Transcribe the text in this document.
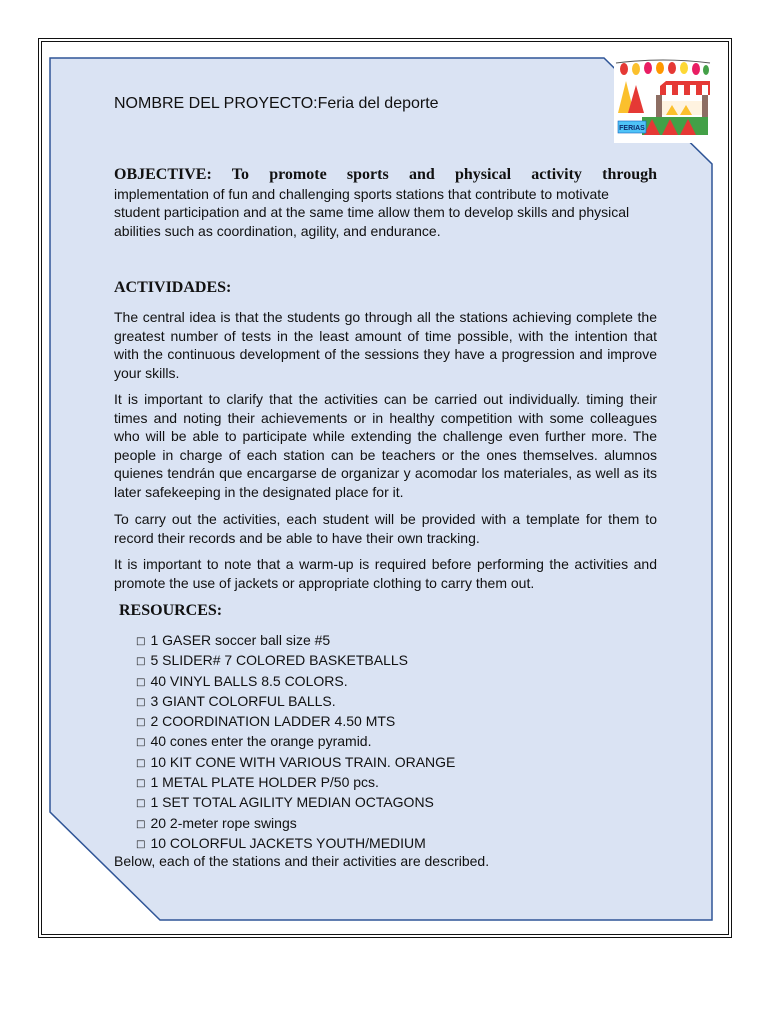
FERIAS
NOMBRE DEL PROYECTO:Feria del deporte
OBJECTIVE: To promote sports and physical activity through
implementation of fun and challenging sports stations that contribute to motivate student participation and at the same time allow them to develop skills and physical abilities such as coordination, agility, and endurance.
ACTIVIDADES:
The central idea is that the students go through all the stations achieving complete the greatest number of tests in the least amount of time possible, with the intention that with the continuous development of the sessions they have a progression and improve your skills.
It is important to clarify that the activities can be carried out individually. timing their times and noting their achievements or in healthy competition with some colleagues who will be able to participate while extending the challenge even further more. The people in charge of each station can be teachers or the ones themselves. alumnos quienes tendrán que encargarse de organizar y acomodar los materiales, as well as its later safekeeping in the designated place for it.
To carry out the activities, each student will be provided with a template for them to record their records and be able to have their own tracking.
It is important to note that a warm-up is required before performing the activities and promote the use of jackets or appropriate clothing to carry them out.
RESOURCES:
□ 1 GASER soccer ball size #5
□ 5 SLIDER# 7 COLORED BASKETBALLS
□ 40 VINYL BALLS 8.5 COLORS.
□ 3 GIANT COLORFUL BALLS.
□ 2 COORDINATION LADDER 4.50 MTS
□ 40 cones enter the orange pyramid.
□ 10 KIT CONE WITH VARIOUS TRAIN. ORANGE
□ 1 METAL PLATE HOLDER P/50 pcs.
□ 1 SET TOTAL AGILITY MEDIAN OCTAGONS
□ 20 2-meter rope swings
□ 10 COLORFUL JACKETS YOUTH/MEDIUM
Below, each of the stations and their activities are described.
